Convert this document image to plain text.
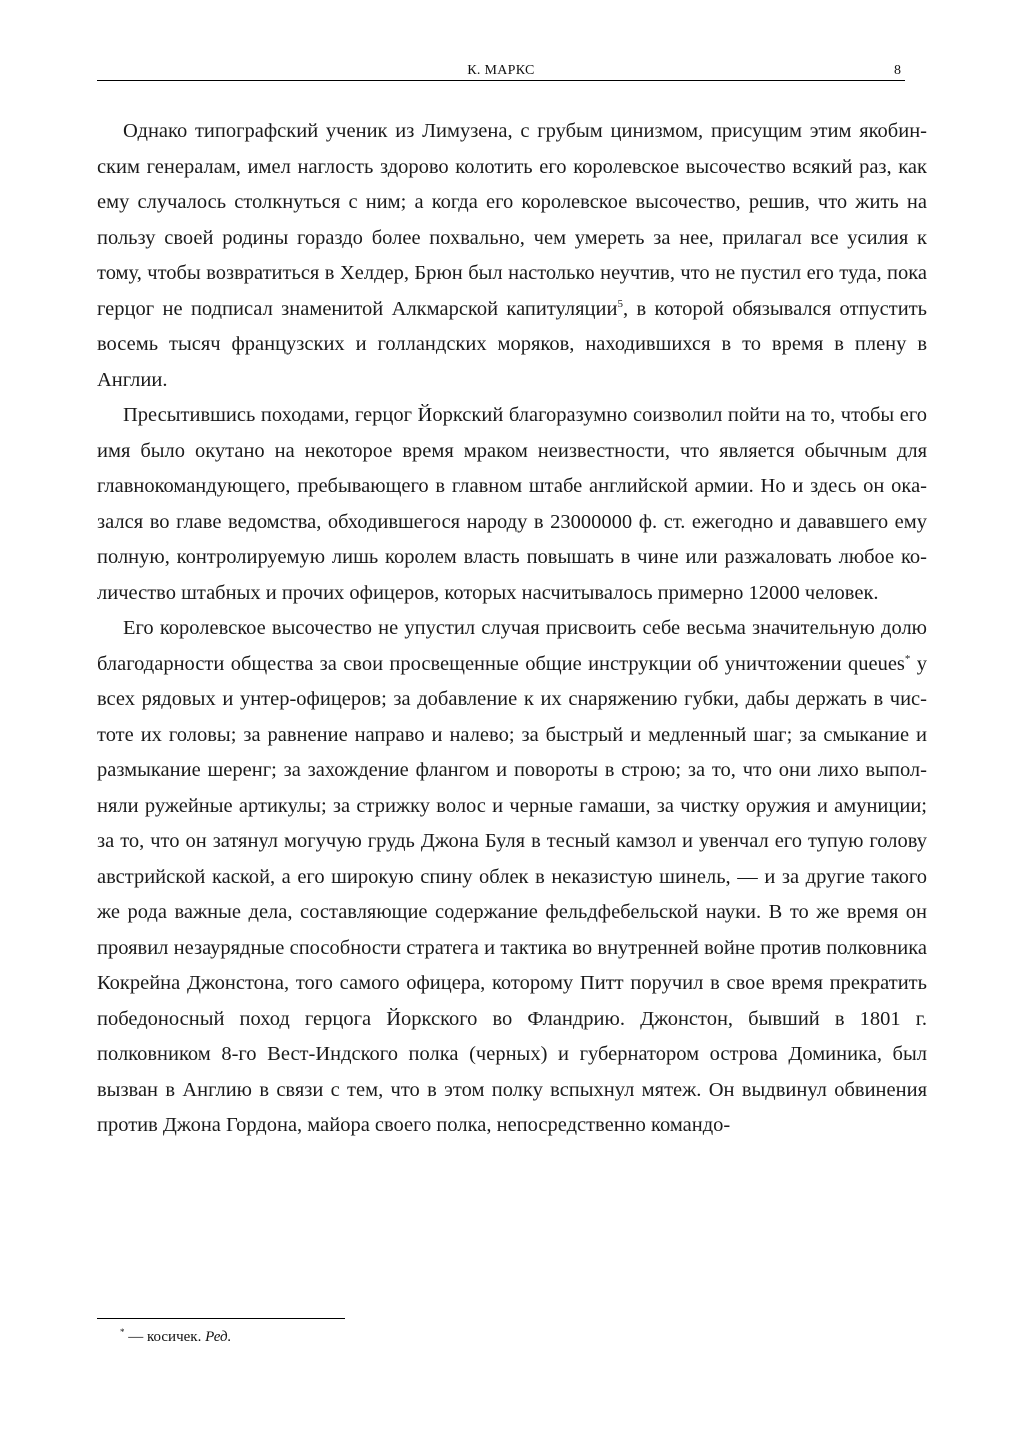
К. МАРКС	8

Однако типографский ученик из Лимузена, с грубым цинизмом, присущим этим якобинским генералам, имел наглость здорово колотить его королевское высочество всякий раз, как ему случалось столкнуться с ним; а когда его королевское высочество, решив, что жить на пользу своей родины гораздо более похвально, чем умереть за нее, прилагал все усилия к тому, чтобы возвратиться в Хелдер, Брюн был настолько неучтив, что не пустил его туда, пока герцог не подписал знаменитой Алкмарской капитуляции$^5$, в которой обязывался отпустить восемь тысяч французских и голландских моряков, находившихся в то время в плену в Англии.

Пресытившись походами, герцог Йоркский благоразумно соизволил пойти на то, чтобы его имя было окутано на некоторое время мраком неизвестности, что является обычным для главнокомандующего, пребывающего в главном штабе английской армии. Но и здесь он оказался во главе ведомства, обходившегося народу в 23000000 ф. ст. ежегодно и дававшего ему полную, контролируемую лишь королем власть повышать в чине или разжаловать любое количество штабных и прочих офицеров, которых насчитывалось примерно 12000 человек.

Его королевское высочество не упустил случая присвоить себе весьма значительную долю благодарности общества за свои просвещенные общие инструкции об уничтожении queues* у всех рядовых и унтер-офицеров; за добавление к их снаряжению губки, дабы держать в чистоте их головы; за равнение направо и налево; за быстрый и медленный шаг; за смыкание и размыкание шеренг; за захождение флангом и повороты в строю; за то, что они лихо выполняли ружейные артикулы; за стрижку волос и черные гамаши, за чистку оружия и амуниции; за то, что он затянул могучую грудь Джона Буля в тесный камзол и увенчал его тупую голову австрийской каской, а его широкую спину облек в неказистую шинель, — и за другие такого же рода важные дела, составляющие содержание фельдфебельской науки. В то же время он проявил незаурядные способности стратега и тактика во внутренней войне против полковника Кокрейна Джонстона, того самого офицера, которому Питт поручил в свое время прекратить победоносный поход герцога Йоркского во Фландрию. Джонстон, бывший в 1801 г. полковником 8-го Вест-Индского полка (черных) и губернатором острова Доминика, был вызван в Англию в связи с тем, что в этом полку вспыхнул мятеж. Он выдвинул обвинения против Джона Гордона, майора своего полка, непосредственно командо-

* — косичек. Ред.
